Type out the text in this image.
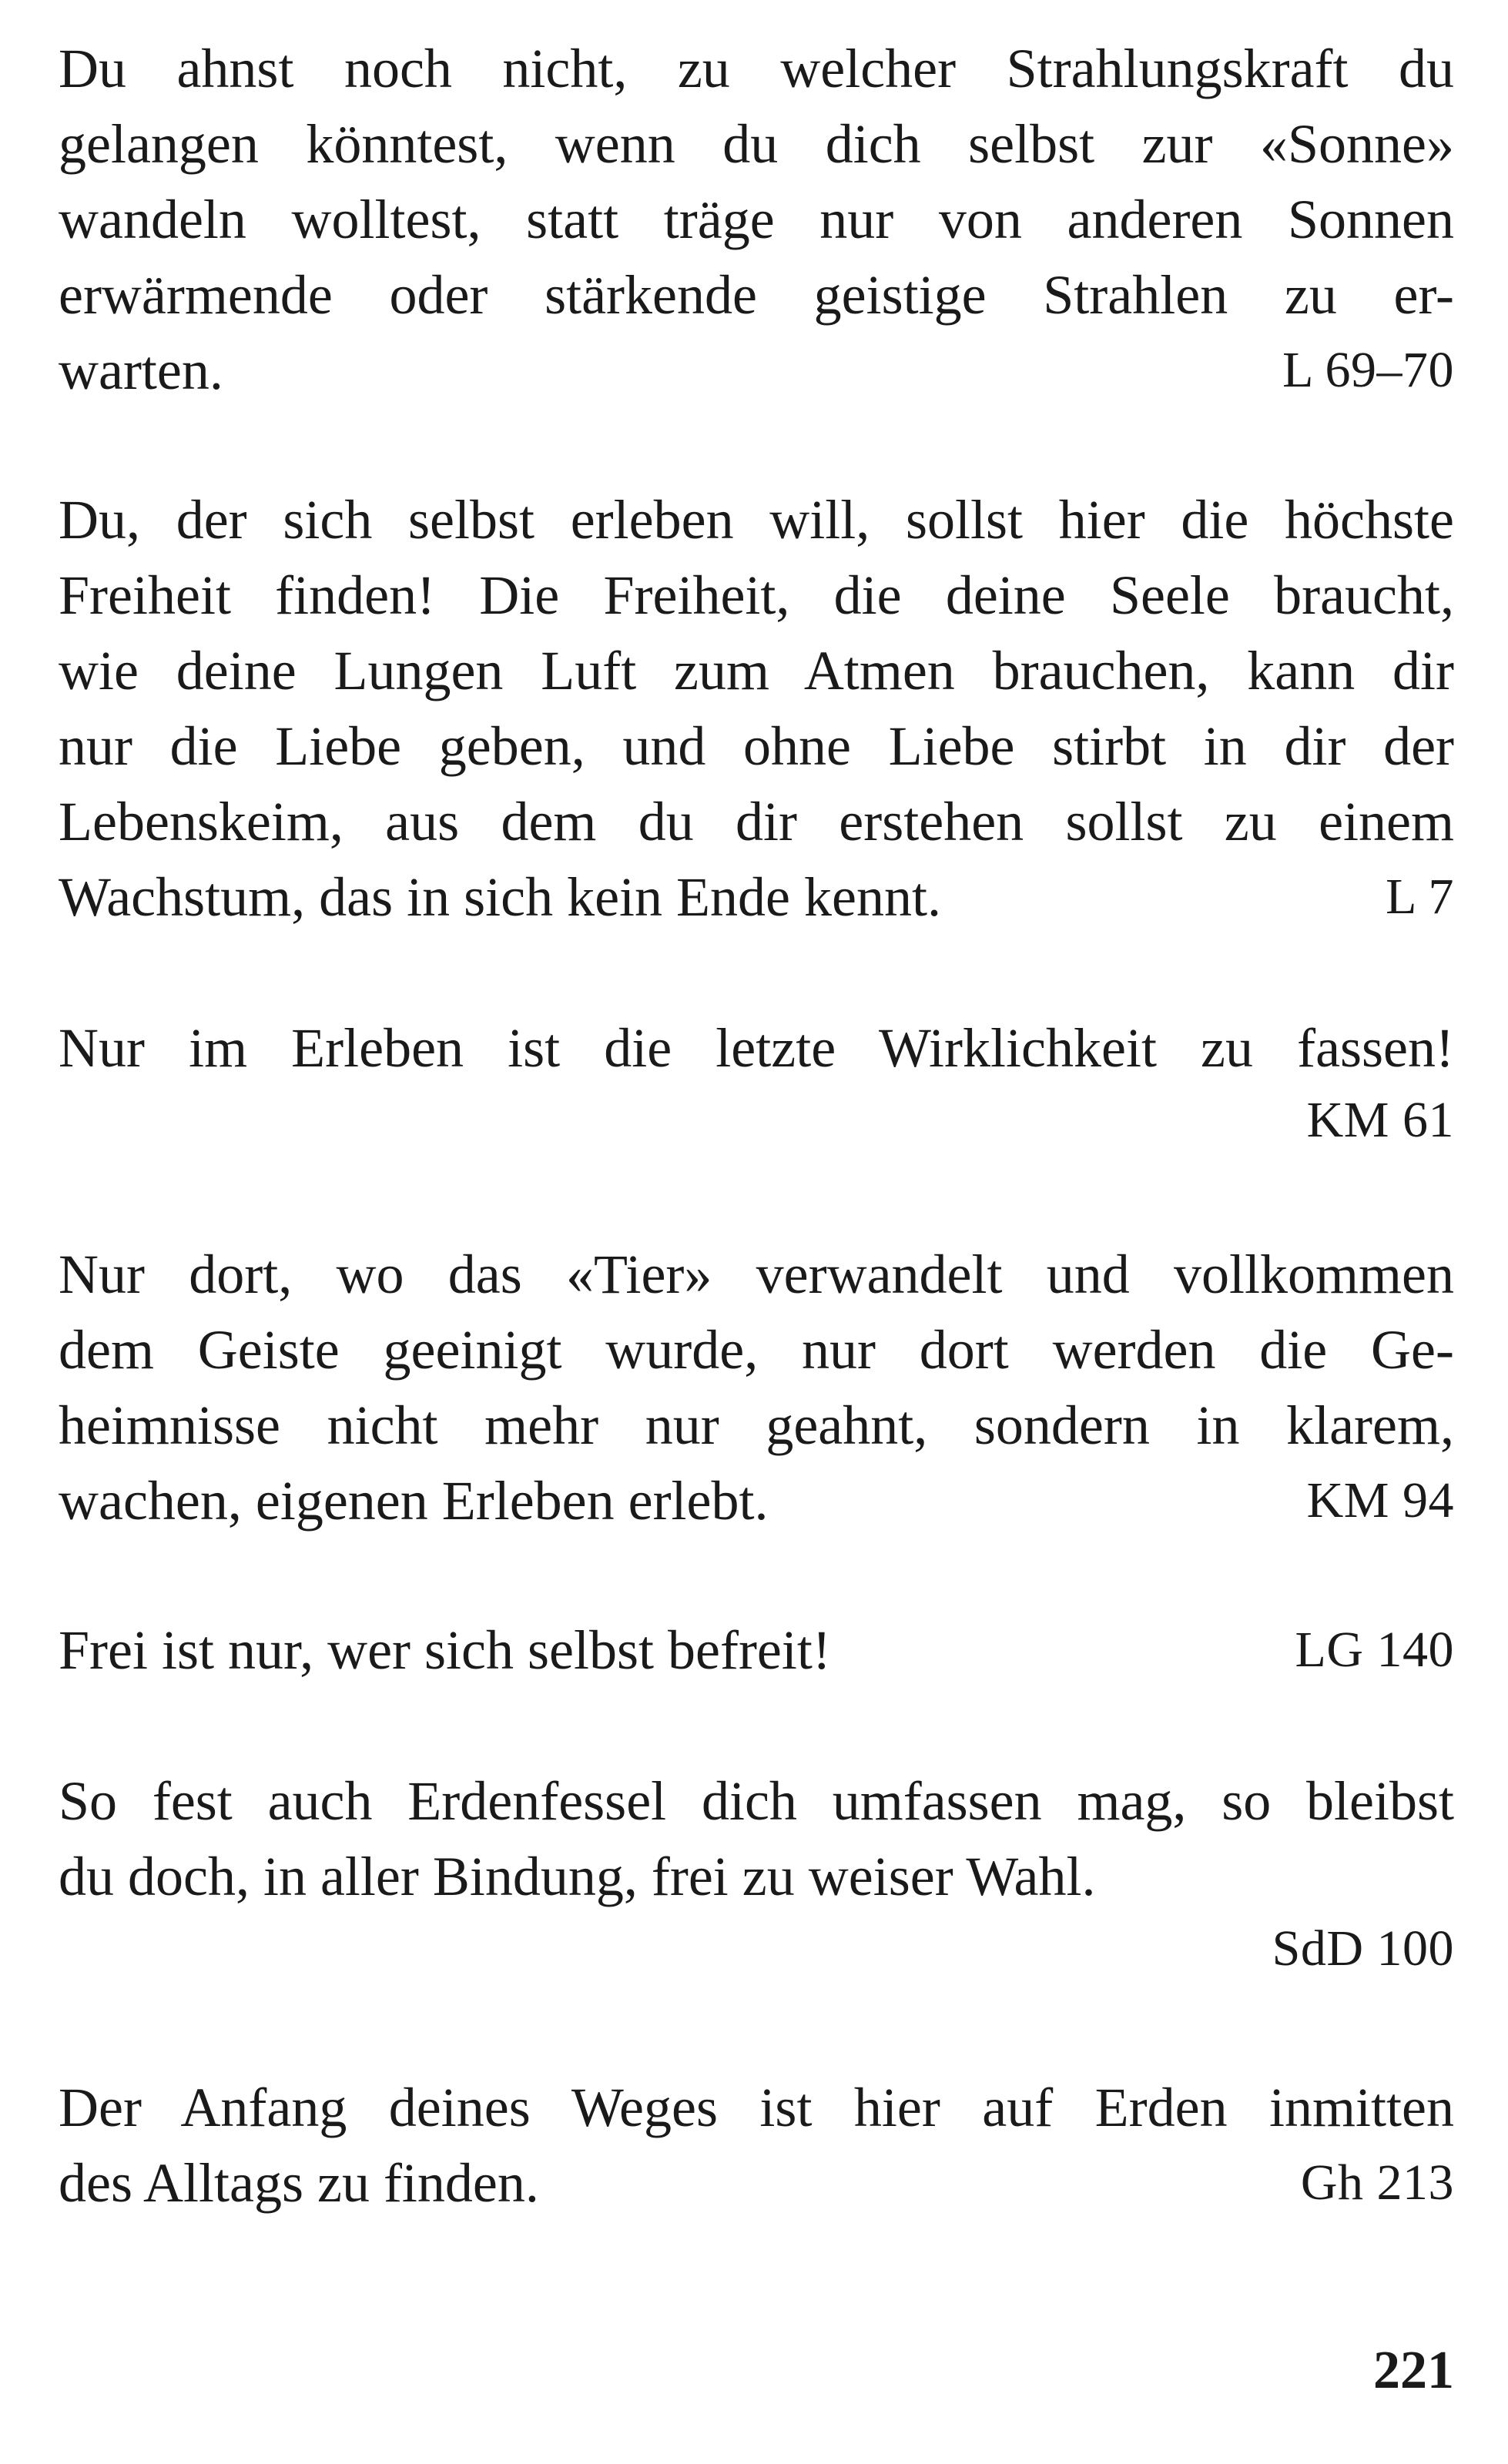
Du ahnst noch nicht, zu welcher Strahlungskraft du
gelangen könntest, wenn du dich selbst zur «Sonne»
wandeln wolltest, statt träge nur von anderen Sonnen
erwärmende oder stärkende geistige Strahlen zu er-
warten.	L 69–70
Du, der sich selbst erleben will, sollst hier die höchste
Freiheit finden! Die Freiheit, die deine Seele braucht,
wie deine Lungen Luft zum Atmen brauchen, kann dir
nur die Liebe geben, und ohne Liebe stirbt in dir der
Lebenskeim, aus dem du dir erstehen sollst zu einem
Wachstum, das in sich kein Ende kennt.	L 7
Nur im Erleben ist die letzte Wirklichkeit zu fassen!
KM 61
Nur dort, wo das «Tier» verwandelt und vollkommen
dem Geiste geeinigt wurde, nur dort werden die Ge-
heimnisse nicht mehr nur geahnt, sondern in klarem,
wachen, eigenen Erleben erlebt.	KM 94
Frei ist nur, wer sich selbst befreit!	LG 140
So fest auch Erdenfessel dich umfassen mag, so bleibst
du doch, in aller Bindung, frei zu weiser Wahl.
SdD 100
Der Anfang deines Weges ist hier auf Erden inmitten
des Alltags zu finden.	Gh 213
221
